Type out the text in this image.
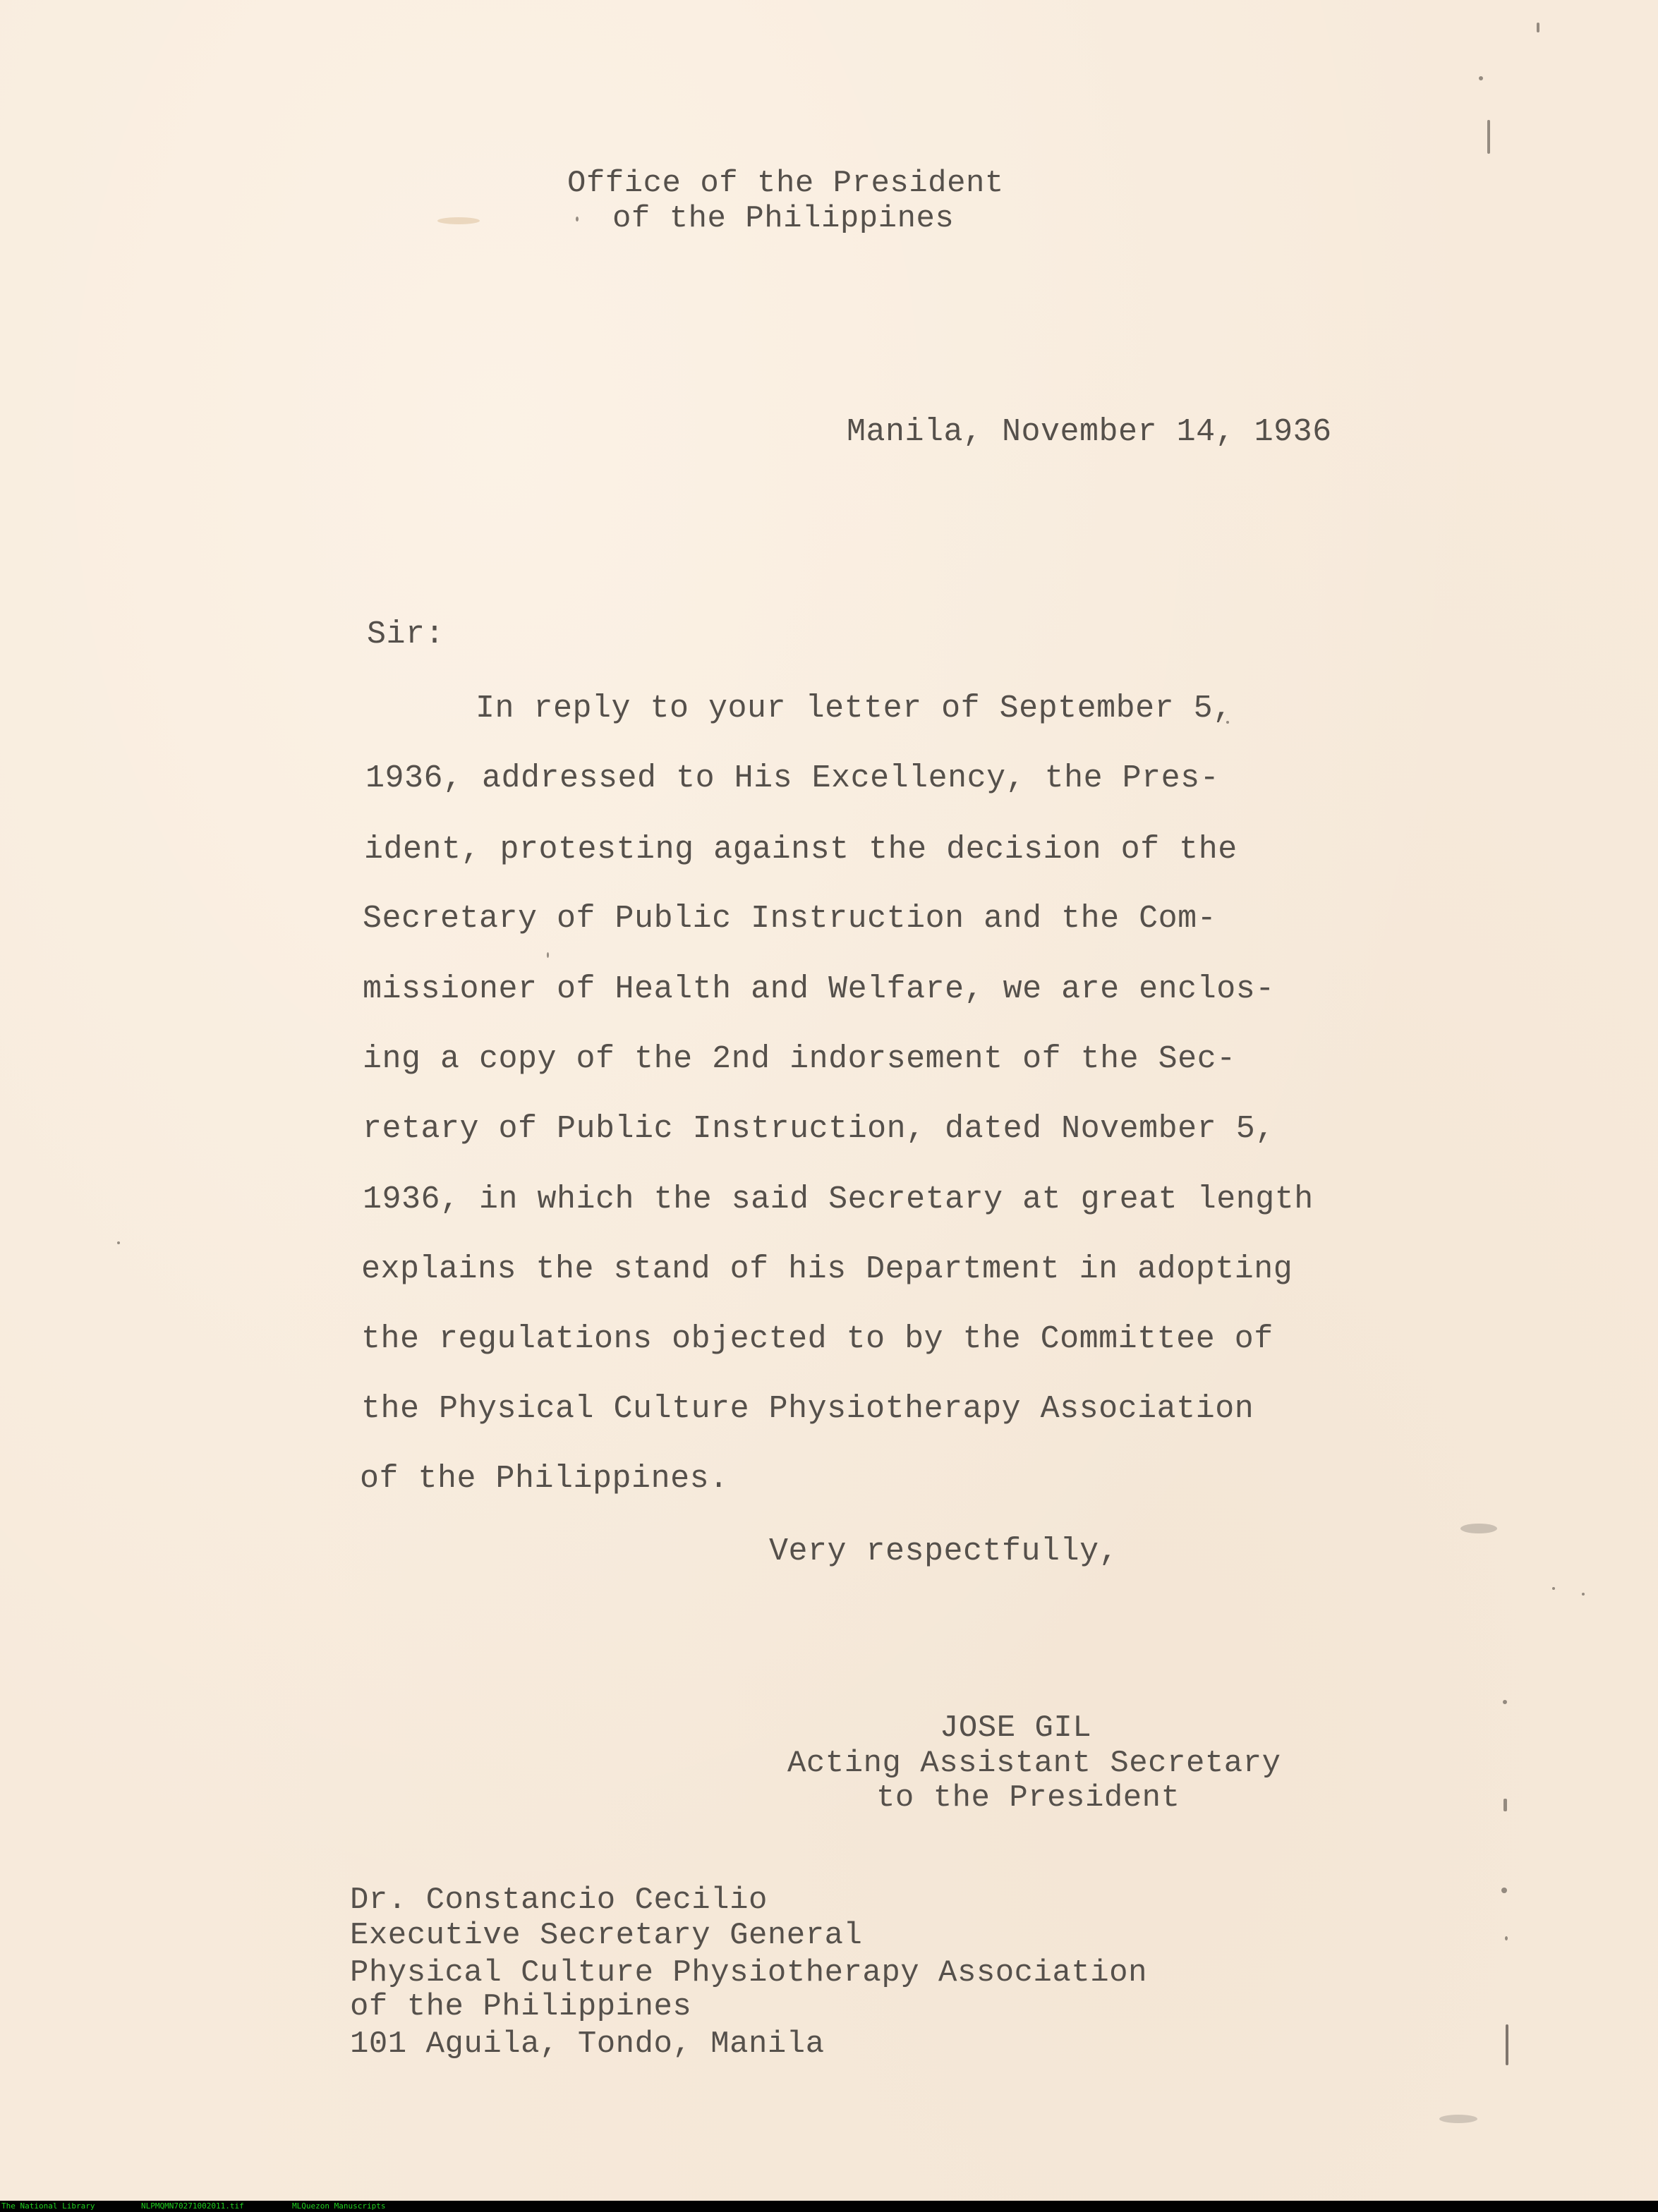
Office of the President
of the Philippines
Manila, November 14, 1936
Sir:
In reply to your letter of September 5,
1936, addressed to His Excellency, the Pres-
ident, protesting against the decision of the
Secretary of Public Instruction and the Com-
missioner of Health and Welfare, we are enclos-
ing a copy of the 2nd indorsement of the Sec-
retary of Public Instruction, dated November 5,
1936, in which the said Secretary at great length
explains the stand of his Department in adopting
the regulations objected to by the Committee of
the Physical Culture Physiotherapy Association
of the Philippines.
Very respectfully,
JOSE GIL
Acting Assistant Secretary
to the President
Dr. Constancio Cecilio
Executive Secretary General
Physical Culture Physiotherapy Association
of the Philippines
101 Aguila, Tondo, Manila
The National Library	NLPMQMN70271002011.tif	MLQuezon Manuscripts
